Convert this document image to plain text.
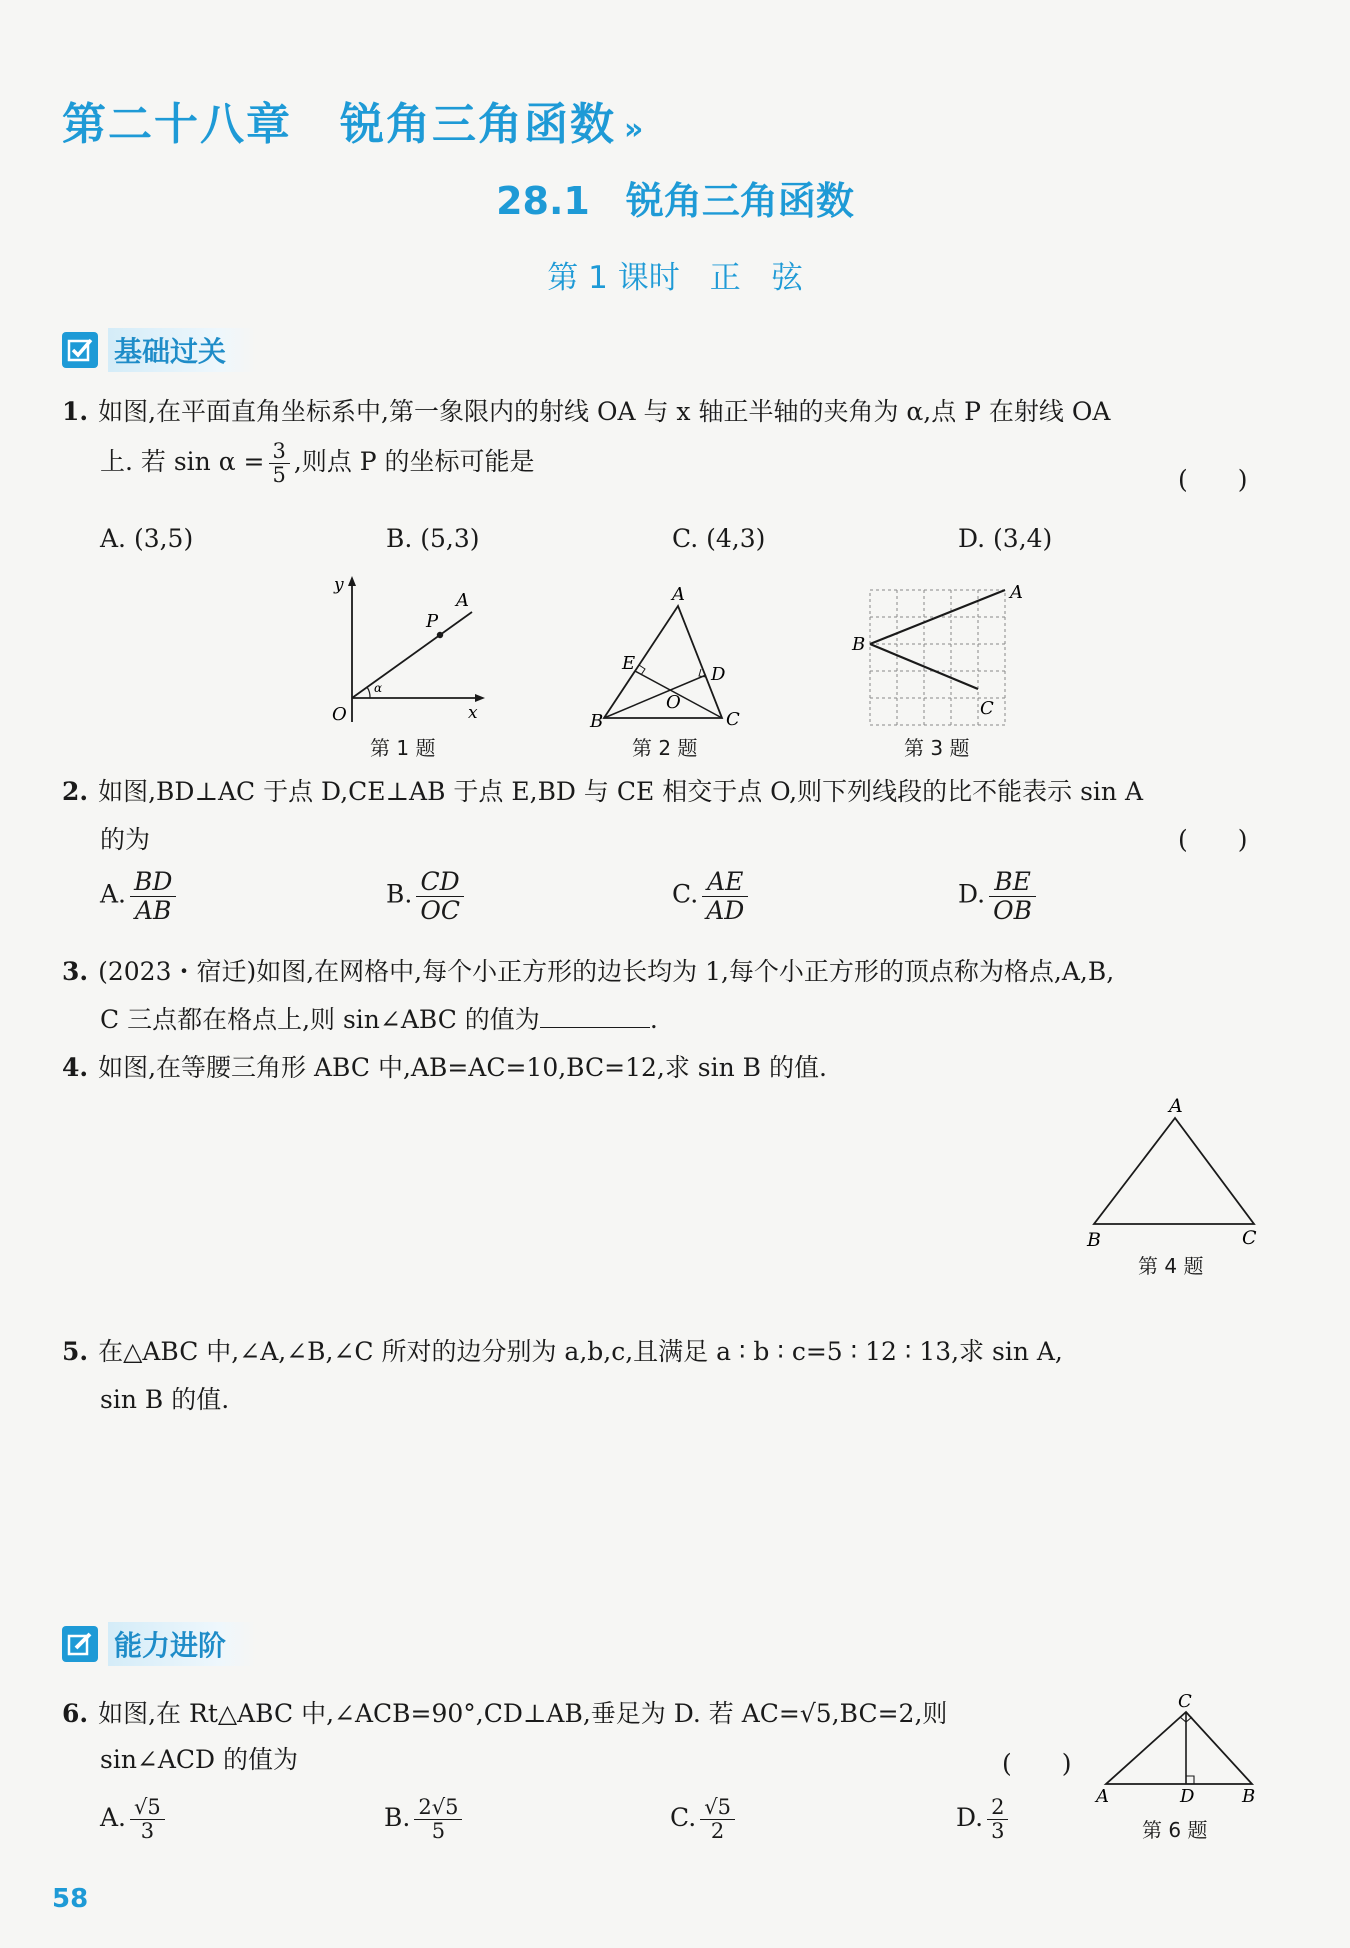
第二十八章 锐角三角函数 »
28.1 锐角三角函数
第 1 课时 正　弦
基础过关
1. 如图,在平面直角坐标系中,第一象限内的射线 OA 与 x 轴正半轴的夹角为 α,点 P 在射线 OA
上. 若 $\sin \alpha = \frac{3}{5}$ ,则点 P 的坐标可能是
(　　)
A. (3,5)	B. (5,3)	C. (4,3)	D. (3,4)
y
x
O
A
P
α
第 1 题
A
B	C
D
E
O
第 2 题
A
B
C
第 3 题
2. 如图,BD⊥AC 于点 D,CE⊥AB 于点 E,BD 与 CE 相交于点 O,则下列线段的比不能表示 sin A
的为	(　　)
A. $\frac{BD}{AB}$	B. $\frac{CD}{OC}$	C. $\frac{AE}{AD}$	D. $\frac{BE}{OB}$
3. (2023・宿迁)如图,在网格中,每个小正方形的边长均为 1,每个小正方形的顶点称为格点,A,B,
C 三点都在格点上,则 sin∠ABC 的值为	.
4. 如图,在等腰三角形 ABC 中,AB=AC=10,BC=12,求 sin B 的值.
A
B	C
第 4 题
5. 在△ABC 中,∠A,∠B,∠C 所对的边分别为 a,b,c,且满足 a ∶ b ∶ c=5 ∶ 12 ∶ 13,求 sin A,
sin B 的值.
能力进阶
6. 如图,在 Rt△ABC 中,∠ACB=90°,CD⊥AB,垂足为 D. 若 AC=√5,BC=2,则
sin∠ACD 的值为	(　　)
A. $\frac{√5}{3}$	B. $\frac{2√5}{5}$	C. $\frac{√5}{2}$	D. $\frac{2}{3}$
C
A	D	B
第 6 题
58
